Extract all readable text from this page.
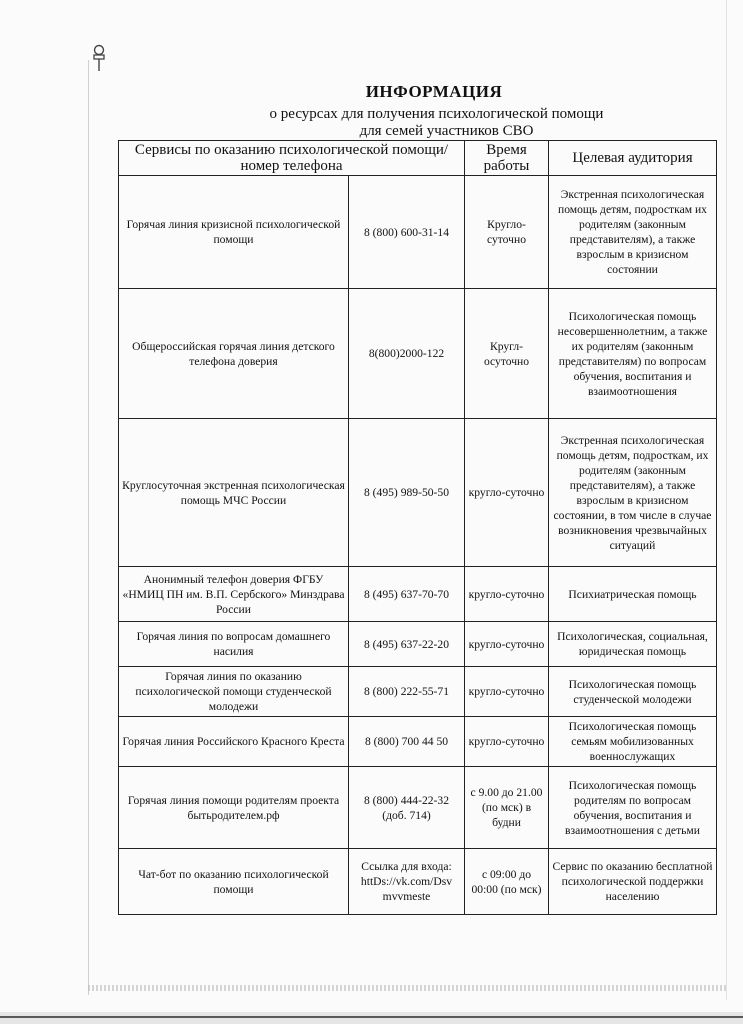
ИНФОРМАЦИЯ
о ресурсах для получения психологической помощи
для семей участников СВО
Сервисы по оказанию психологической помощи/номер телефона		Время работы	Целевая аудитория
Горячая линия кризисной психологической помощи	8 (800) 600-31-14	Кругло-суточно	Экстренная психологическая помощь детям, подросткам их родителям (законным представителям), а также взрослым в кризисном состоянии
Общероссийская горячая линия детского телефона доверия	8(800)2000-122	Кругл-осуточно	Психологическая помощь несовершеннолетним, а также их родителям (законным представителям) по вопросам обучения, воспитания и взаимоотношения
Круглосуточная экстренная психологическая помощь МЧС России	8 (495) 989-50-50	кругло-суточно	Экстренная психологическая помощь детям, подросткам, их родителям (законным представителям), а также взрослым в кризисном состоянии, в том числе в случае возникновения чрезвычайных ситуаций
Анонимный телефон доверия ФГБУ «НМИЦ ПН им. В.П. Сербского» Минздрава России	8 (495) 637-70-70	кругло-суточно	Психиатрическая помощь
Горячая линия по вопросам домашнего насилия	8 (495) 637-22-20	кругло-суточно	Психологическая, социальная, юридическая помощь
Горячая линия по оказанию психологической помощи студенческой молодежи	8 (800) 222-55-71	кругло-суточно	Психологическая помощь студенческой молодежи
Горячая линия Российского Красного Креста	8 (800) 700 44 50	кругло-суточно	Психологическая помощь семьям мобилизованных военнослужащих
Горячая линия помощи родителям проекта бытьродителем.рф	8 (800) 444-22-32 (доб. 714)	с 9.00 до 21.00 (по мск) в будни	Психологическая помощь родителям по вопросам обучения, воспитания и взаимоотношения с детьми
Чат-бот по оказанию психологической помощи	Ссылка для входа: httDs://vk.com/Dsv mvvmeste	с 09:00 до 00:00 (по мск)	Сервис по оказанию бесплатной психологической поддержки населению
